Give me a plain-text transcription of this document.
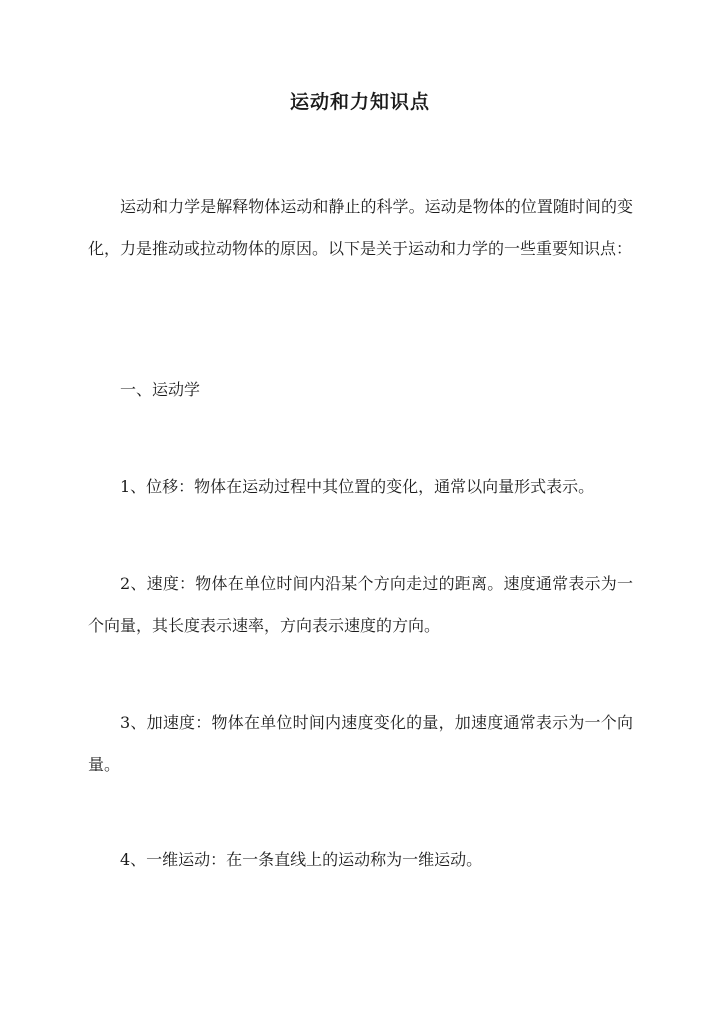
运动和力知识点

运动和力学是解释物体运动和静止的科学。运动是物体的位置随时间的变化，力是推动或拉动物体的原因。以下是关于运动和力学的一些重要知识点：

一、运动学

1、位移：物体在运动过程中其位置的变化，通常以向量形式表示。

2、速度：物体在单位时间内沿某个方向走过的距离。速度通常表示为一个向量，其长度表示速率，方向表示速度的方向。

3、加速度：物体在单位时间内速度变化的量，加速度通常表示为一个向量。

4、一维运动：在一条直线上的运动称为一维运动。
